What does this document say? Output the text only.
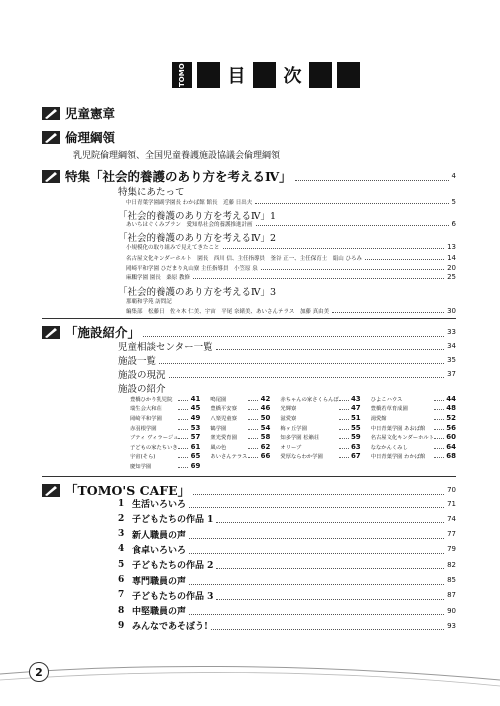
TOMO	目 次
児童憲章
倫理綱領
乳児院倫理綱領、全国児童養護施設協議会倫理綱領
特集「社会的養護のあり方を考えるⅣ」	4
特集にあたって
中日青葉学園副学園長 わかば館 館長　近藤 日出夫	5
「社会的養護のあり方を考えるⅣ」1
あいちはぐくみプラン　愛知県社会的養護推進計画	6
「社会的養護のあり方を考えるⅣ」2
小規模化の取り組みで見えてきたこと	13
名古屋文化キンダーホルト　園長　西川 信、主任指導員　釜谷 正一、主任保育士　絹山 ひろみ	14
岡崎平和学園 ひだまり丸山寮 主任指導員　小笠原 泉	20
麻鵬学園 園長　桑原 教修	25
「社会的養護のあり方を考えるⅣ」3
那覇和学苑 訪問記
編集部　松藤日　佐々木 仁美、宇宙　平尾 奈緒美、あいさんテラス　加藤 真由美	30
「施設紹介」	33
児童相談センター一覧	34
施設一覧	35
施設の現況	37
施設の紹介
豊橋ひかり乳児院	41 鳴尾園	42 赤ちゃんの家さくらんぼ	43 ひよこハウス	44
瑞生会大和荘	45 豊橋平安寮	46 光輝寮	47 豊橋若草育成園	48
岡崎平和学園	49 八楽児童寮	50 滋愛寮	51 湯愛館	52
赤羽根学園	53 鶴学園	54 梅ヶ丘学園	55 中日青葉学園 あおば館	56
ブティ ヴィラージュ	57 衆光愛育園	58 知多学園 松籟荘	59 名古屋文化キンダーホルト	60
子どもの家たちいき	61 風の色	62 オリーブ	63 ななかんくみし	64
宇宙(そら)	65 あいさんテラス	66 愛厚ならわか学園	67 中日青葉学園 わかば館	68
慶知学園	69
「TOMO'S CAFE」	70
1 生活いろいろ	71
2 子どもたちの作品 1	74
3 新人職員の声	77
4 食卓いろいろ	79
5 子どもたちの作品 2	82
6 専門職員の声	85
7 子どもたちの作品 3	87
8 中堅職員の声	90
9 みんなであそぼう!	93
2
